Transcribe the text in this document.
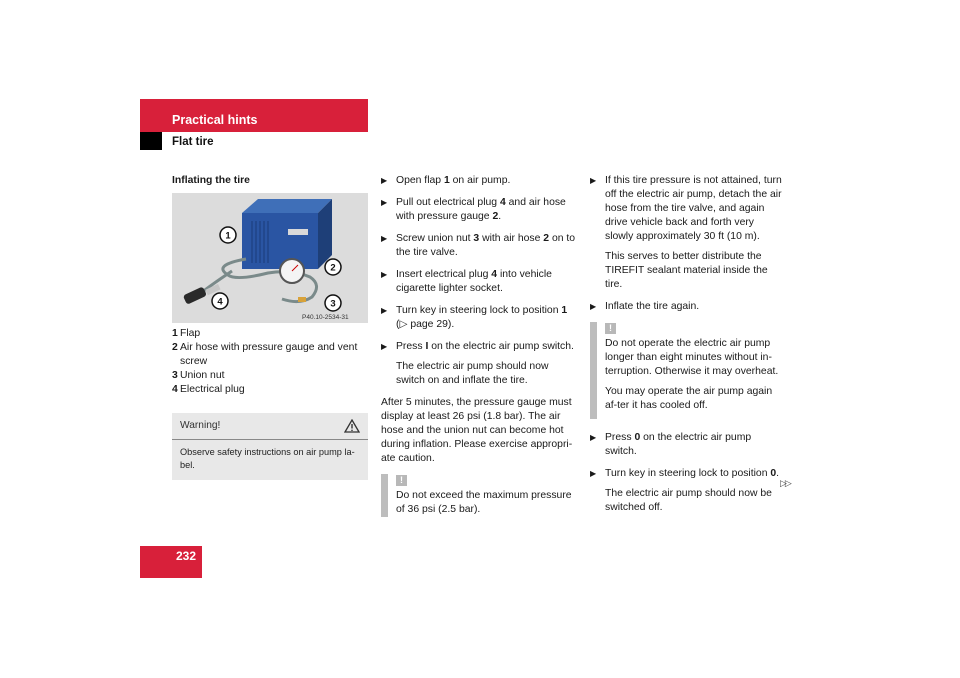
Practical hints
Flat tire
Inflating the tire
1
2
3
4
P40.10-2534-31
1 Flap
2 Air hose with pressure gauge and vent screw
3 Union nut
4 Electrical plug
Warning!
Observe safety instructions on air pump la-bel.
▶ Open flap 1 on air pump.
▶ Pull out electrical plug 4 and air hose with pressure gauge 2.
▶ Screw union nut 3 with air hose 2 on to the tire valve.
▶ Insert electrical plug 4 into vehicle cigarette lighter socket.
▶ Turn key in steering lock to position 1 (▷ page 29).
▶ Press I on the electric air pump switch.
The electric air pump should now switch on and inflate the tire.
After 5 minutes, the pressure gauge must display at least 26 psi (1.8 bar). The air hose and the union nut can become hot during inflation. Please exercise appropri-ate caution.
!
Do not exceed the maximum pressure of 36 psi (2.5 bar).
▶ If this tire pressure is not attained, turn off the electric air pump, detach the air hose from the tire valve, and again drive vehicle back and forth very slowly approximately 30 ft (10 m).
This serves to better distribute the TIREFIT sealant material inside the tire.
▶ Inflate the tire again.
!
Do not operate the electric air pump longer than eight minutes without in-terruption. Otherwise it may overheat.
You may operate the air pump again af-ter it has cooled off.
▶ Press 0 on the electric air pump switch.
▶ Turn key in steering lock to position 0.
The electric air pump should now be switched off.
▷▷
232
